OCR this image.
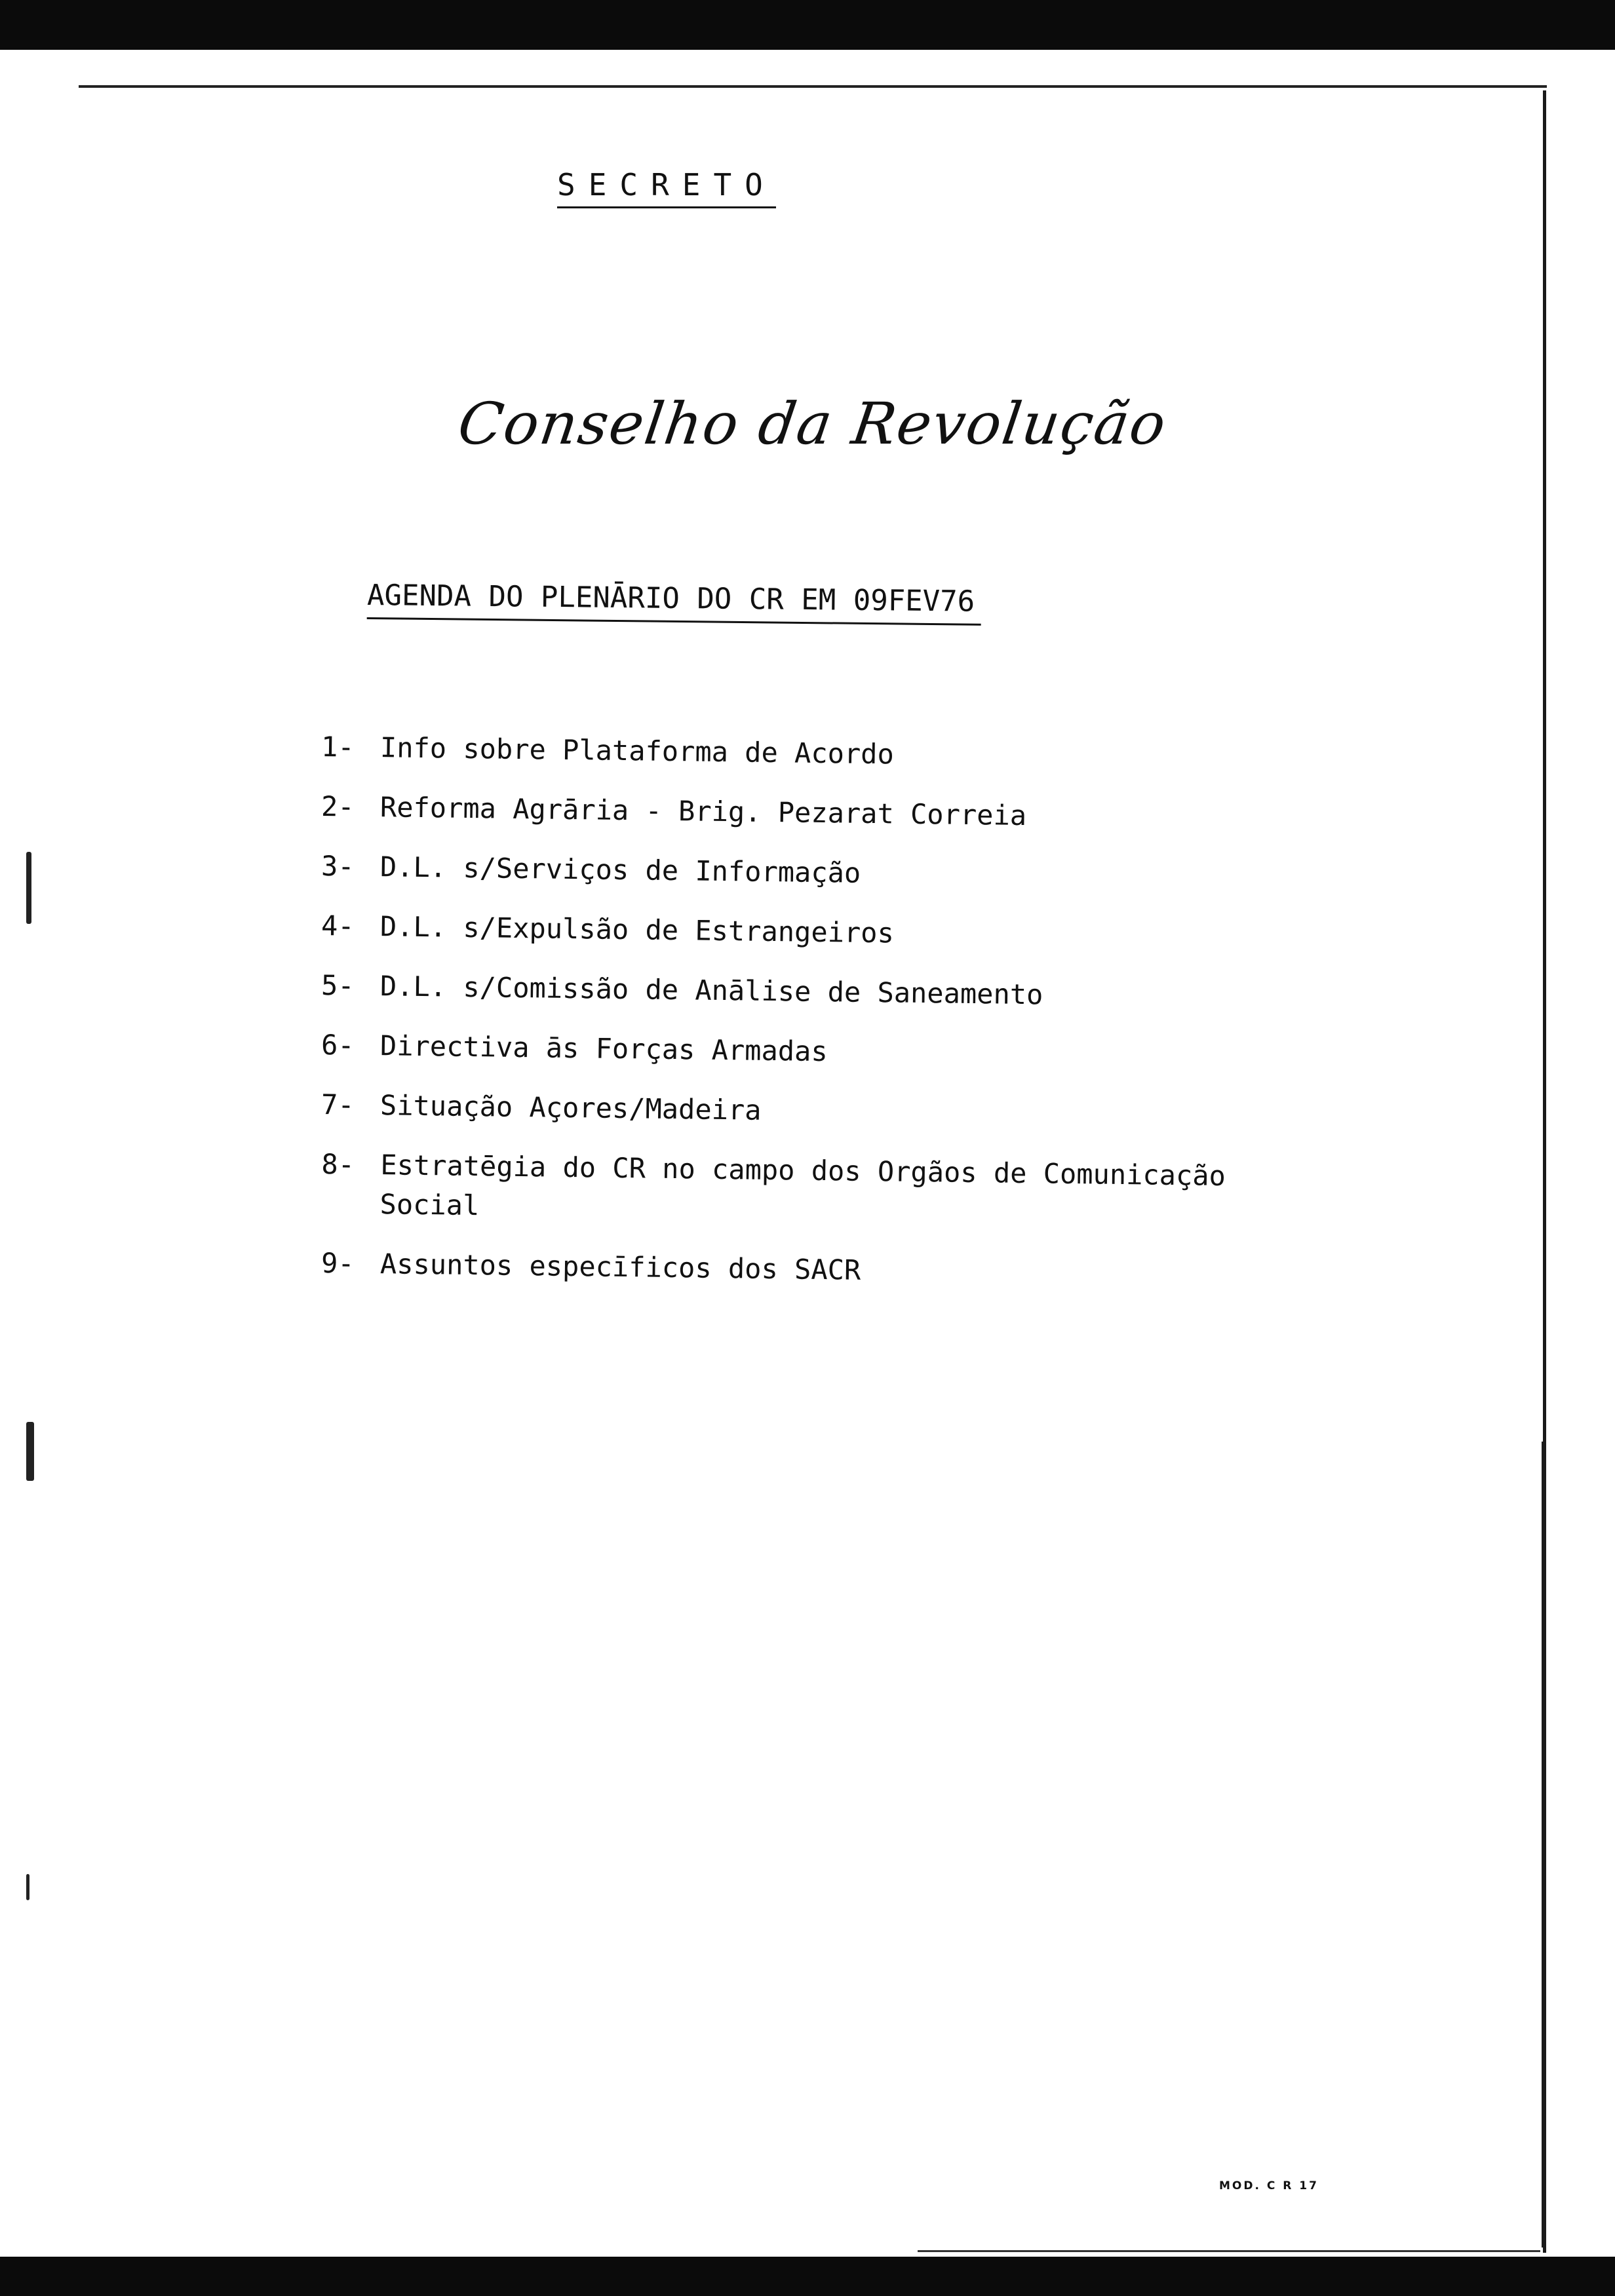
SECRETO
Conselho da Revolução
AGENDA DO PLENĀRIO DO CR EM 09FEV76
1- Info sobre Plataforma de Acordo
2- Reforma Agrāria - Brig. Pezarat Correia
3- D.L. s/Serviços de Informação
4- D.L. s/Expulsão de Estrangeiros
5- D.L. s/Comissão de Anālise de Saneamento
6- Directiva ās Forças Armadas
7- Situação Açores/Madeira
8- Estratēgia do CR no campo dos Orgãos de Comunicação Social
9- Assuntos especīficos dos SACR
MOD. C R 17
